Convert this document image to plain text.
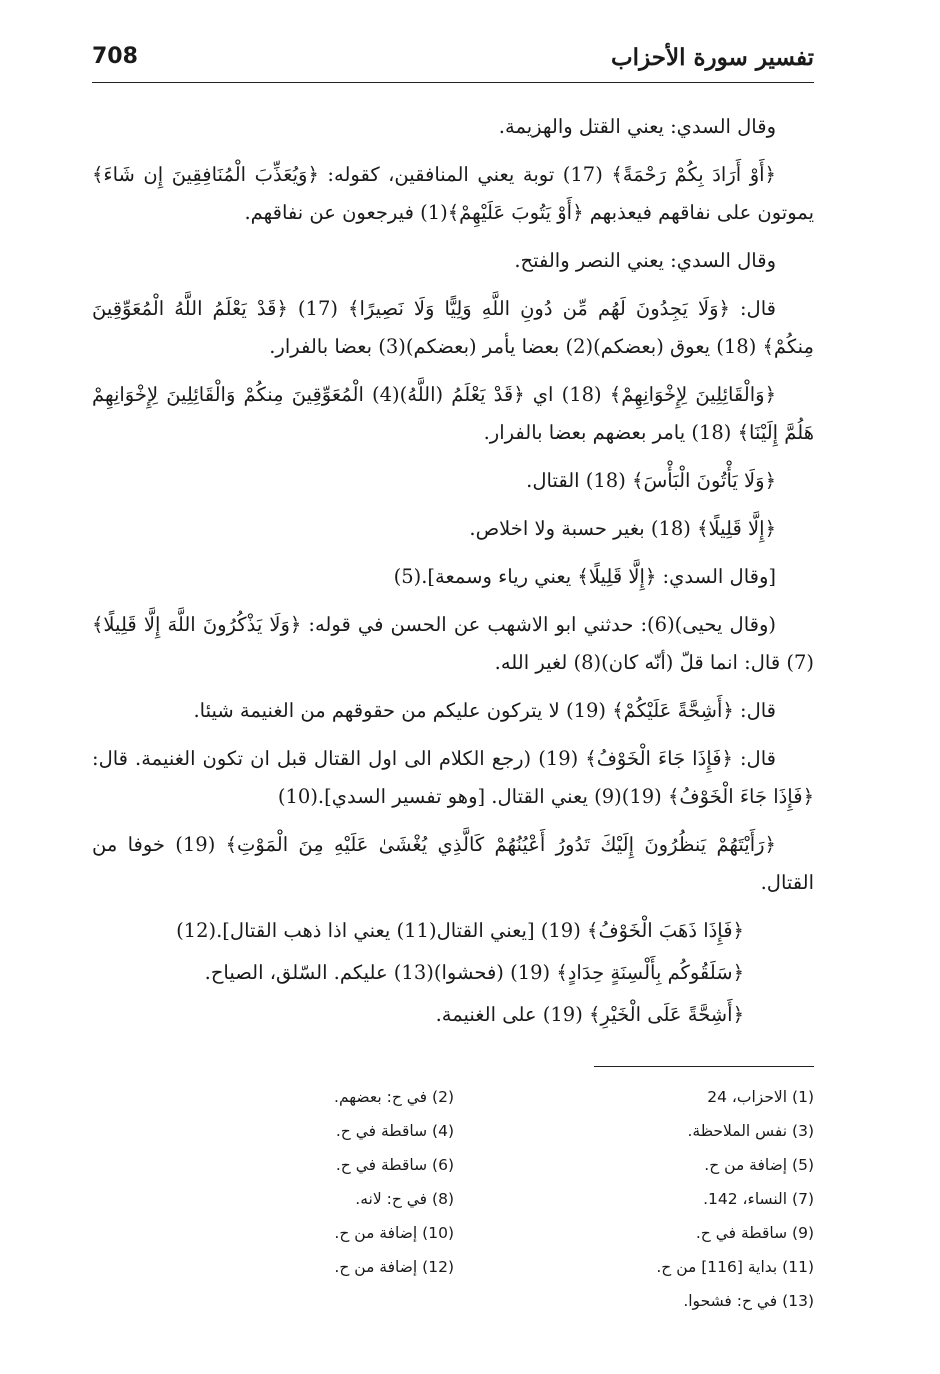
تفسير سورة الأحزاب
708

وقال السدي: يعني القتل والهزيمة.

﴿أَوْ أَرَادَ بِكُمْ رَحْمَةً﴾ (17) توبة يعني المنافقين، كقوله: ﴿وَيُعَذِّبَ الْمُنَافِقِينَ إِن شَاءَ﴾ يموتون على نفاقهم فيعذبهم ﴿أَوْ يَتُوبَ عَلَيْهِمْ﴾(1) فيرجعون عن نفاقهم.

وقال السدي: يعني النصر والفتح.

قال: ﴿وَلَا يَجِدُونَ لَهُم مِّن دُونِ اللَّهِ وَلِيًّا وَلَا نَصِيرًا﴾ (17) ﴿قَدْ يَعْلَمُ اللَّهُ الْمُعَوِّقِينَ مِنكُمْ﴾ (18) يعوق (بعضكم)(2) بعضا يأمر (بعضكم)(3) بعضا بالفرار.

﴿وَالْقَائِلِينَ لِإِخْوَانِهِمْ﴾ (18) اي ﴿قَدْ يَعْلَمُ (اللَّهُ)(4) الْمُعَوِّقِينَ مِنكُمْ وَالْقَائِلِينَ لِإِخْوَانِهِمْ هَلُمَّ إِلَيْنَا﴾ (18) يامر بعضهم بعضا بالفرار.

﴿وَلَا يَأْتُونَ الْبَأْسَ﴾ (18) القتال.

﴿إِلَّا قَلِيلًا﴾ (18) بغير حسبة ولا اخلاص.

[وقال السدي: ﴿إِلَّا قَلِيلًا﴾ يعني رياء وسمعة].(5)

(وقال يحيى)(6): حدثني ابو الاشهب عن الحسن في قوله: ﴿وَلَا يَذْكُرُونَ اللَّهَ إِلَّا قَلِيلًا﴾(7) قال: انما قلّ (أنّه كان)(8) لغير الله.

قال: ﴿أَشِحَّةً عَلَيْكُمْ﴾ (19) لا يتركون عليكم من حقوقهم من الغنيمة شيئا.

قال: ﴿فَإِذَا جَاءَ الْخَوْفُ﴾ (19) (رجع الكلام الى اول القتال قبل ان تكون الغنيمة. قال: ﴿فَإِذَا جَاءَ الْخَوْفُ﴾ (19)(9) يعني القتال. [وهو تفسير السدي].(10)

﴿رَأَيْتَهُمْ يَنظُرُونَ إِلَيْكَ تَدُورُ أَعْيُنُهُمْ كَالَّذِي يُغْشَىٰ عَلَيْهِ مِنَ الْمَوْتِ﴾ (19) خوفا من القتال.

﴿فَإِذَا ذَهَبَ الْخَوْفُ﴾ (19) [يعني القتال(11) يعني اذا ذهب القتال].(12)

﴿سَلَقُوكُم بِأَلْسِنَةٍ حِدَادٍ﴾ (19) (فحشوا)(13) عليكم. السّلق، الصياح.

﴿أَشِحَّةً عَلَى الْخَيْرِ﴾ (19) على الغنيمة.

(1) الاحزاب، 24
(3) نفس الملاحظة.
(5) إضافة من ح.
(7) النساء، 142.
(9) ساقطة في ح.
(11) بداية [116] من ح.
(13) في ح: فشحوا.
(2) في ح: بعضهم.
(4) ساقطة في ح.
(6) ساقطة في ح.
(8) في ح: لانه.
(10) إضافة من ح.
(12) إضافة من ح.
